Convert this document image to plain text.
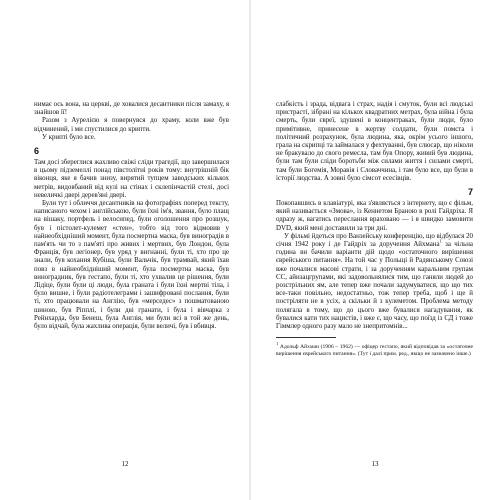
нимає ось вона, на церкві, де ховалися десантники після замаху, я знайшов її!

Разом з Аурелією я повернувся до храму, коли вже був відчинений, і ми спустилися до крипти.

У крипті було все.

6

Там досі збереглися жахливо свіжі сліди трагедії, що завершилася в цьому підземеллі понад півстолітні років тому: внутрішній бік віконця, яке я бачив знизу, вирятий тупцем заводських кількох метрів, видовбаний від кулі на стінах і склепінчастій стелі, досі невеличкі двері дерев'яні двері.

Були тут і обличчя десантників на фотографіях поперед тексту, написаного чехом і англійською, були їхні ім'я, звання, було плащ на вішаку, портфель і велосипед, були оголошення про розшук, був і пістолет-кулемет «стен», тобто від того відмовив у найнеобхідніший момент, була посмертна маска, був виноградів в пам'ять чи то з пам'яті про живих і мертвих, був Лондон, була Франція, був легіонер, був уряд у вигнанні, були ті, хто про це знали, був кохання Кубіша, були Вальчік, був трамвай, який їхав повз в найнеобхідніший момент, була посмертна маска, був виноградник, був гестапо, були ті, хто ухвалив це рішення, були Лідіце, були були ці люди, була граната і були їхні мертві тіла, і було вишне, і були радіотелеграми і зашифровані послання, були ті, хто працювали на Англію, був «мерседес» з пошматованою шиною, був Ріпплі, і були дві гранати, і була і вівчарка з Рейнхарда, був Бенеш, була Англія, ми були всі в той же день, було відчай, була жахлива операція, були величі, був і вбивця.

12

слабкість і зрада, відвага і страх, надія і смуток, були всі людські пристрасті, зібрані на кількох квадратних метрах, була війна і була смерть, були євреї, здушені в концентраках, були люди, було примітивне, принесене в жертву солдати, були помста і політичний розрахунок, була людина, яка, окрім усього іншого, грала на скрипці та займалася у фехтуванні, був слюсар, що ніколи не бракувало до свого ремесла, там був Опору, живий був людина, були там були сліди боротьби між силами життя і силами смерті, там були Богемія, Моравія і Словаччина, і там було все, що були в історії людства. А зовні було сімсот есесівців.

7

Покопавшись в клавіатурі, яка з'являється з інтернету, що є фільм, який називається «Змова», із Кеннетом Браною в ролі Гайдріха. Я одразу ж, вагатись переслання враховано — і я швидко замовити DVD, який мені доставили за три дні.

У фільмі йдеться про Ванзейську конференцію, що відбулася 20 січня 1942 року і де Гайдріх за доручення Айхмана$^1$ за чільна година ви бачили варіанти дій щодо «остаточного вирішення єврейського питання». На той час у Польщі й Радянському Союзі вже почалися масові страти, і за дорученням каральним групам СС, айнзацгрупами, які задовольнялися тим, що ганяли людей до розстрільних ям, але тепер вже почали задумуватися, що що тих все-таки повільно, недостатньо, тож тепер треба, щоб і ще й постріляти не в усіх, а скільки й з кулеметом. Проблема методу полягала в тому, що до цього вже бувалися нагадування, як бувалися кати тих нацистів, і вже є, що часу, що поїзд із СД і тоже Гіммлер одного разу мало не знепритомнів...

$^1$ Адольф Айхман (1906 – 1962) — офіцер гестапо, який відповідав за «остаточне вирішення єврейського питання». (Тут і далі прим. ред., якщо не зазначено інше.)

13
